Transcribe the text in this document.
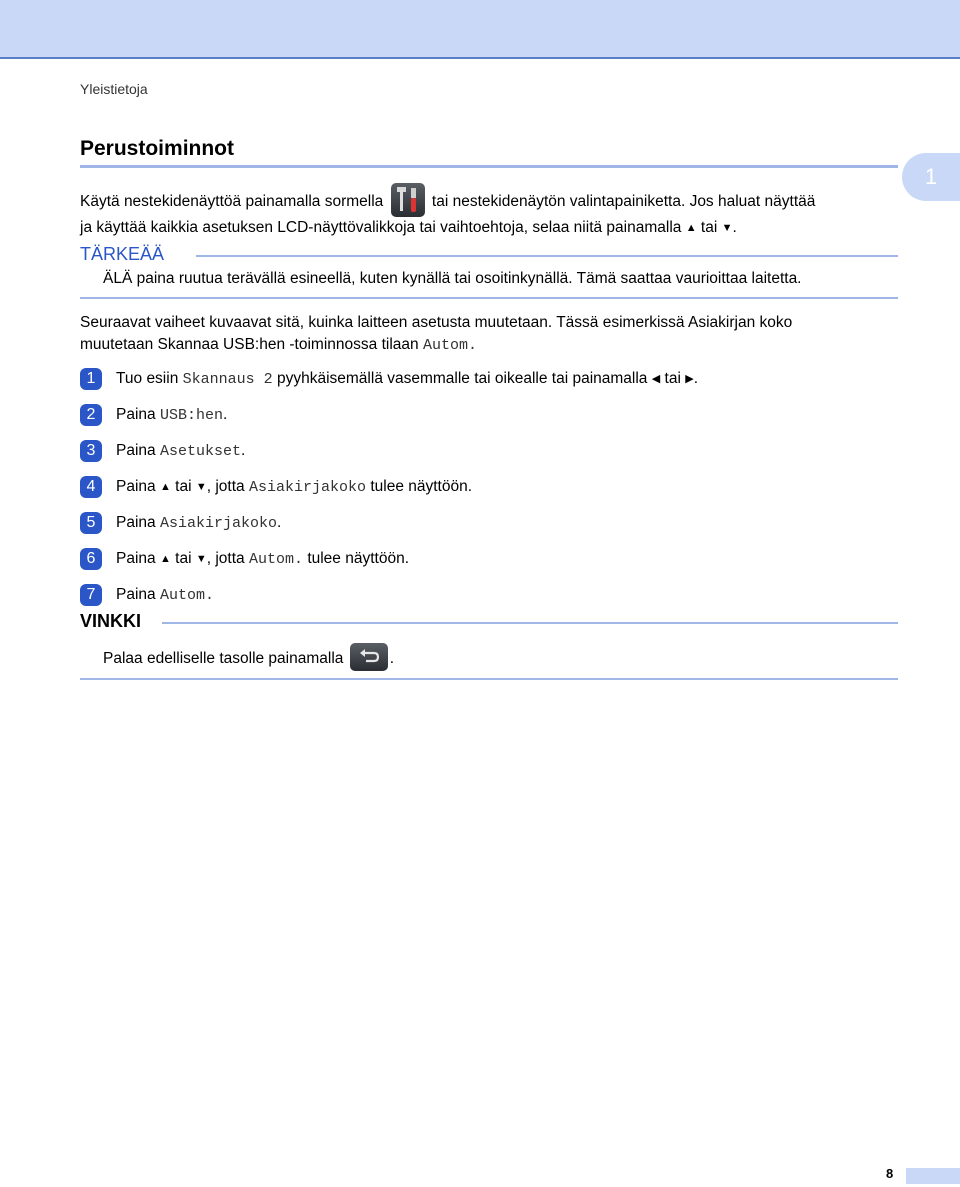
Yleistietoja
1
Perustoiminnot
Käytä nestekidenäyttöä painamalla sormella	tai nestekidenäytön valintapainiketta. Jos haluat näyttää
ja käyttää kaikkia asetuksen LCD-näyttövalikkoja tai vaihtoehtoja, selaa niitä painamalla ▲ tai ▼.
TÄRKEÄÄ
ÄLÄ paina ruutua terävällä esineellä, kuten kynällä tai osoitinkynällä. Tämä saattaa vaurioittaa laitetta.
Seuraavat vaiheet kuvaavat sitä, kuinka laitteen asetusta muutetaan. Tässä esimerkissä Asiakirjan koko
muutetaan Skannaa USB:hen -toiminnossa tilaan Autom.
1	Tuo esiin Skannaus 2 pyyhkäisemällä vasemmalle tai oikealle tai painamalla ◀ tai ▶.
2	Paina USB:hen.
3	Paina Asetukset.
4	Paina ▲ tai ▼, jotta Asiakirjakoko tulee näyttöön.
5	Paina Asiakirjakoko.
6	Paina ▲ tai ▼, jotta Autom. tulee näyttöön.
7	Paina Autom.
VINKKI
Palaa edelliselle tasolle painamalla	.
8
